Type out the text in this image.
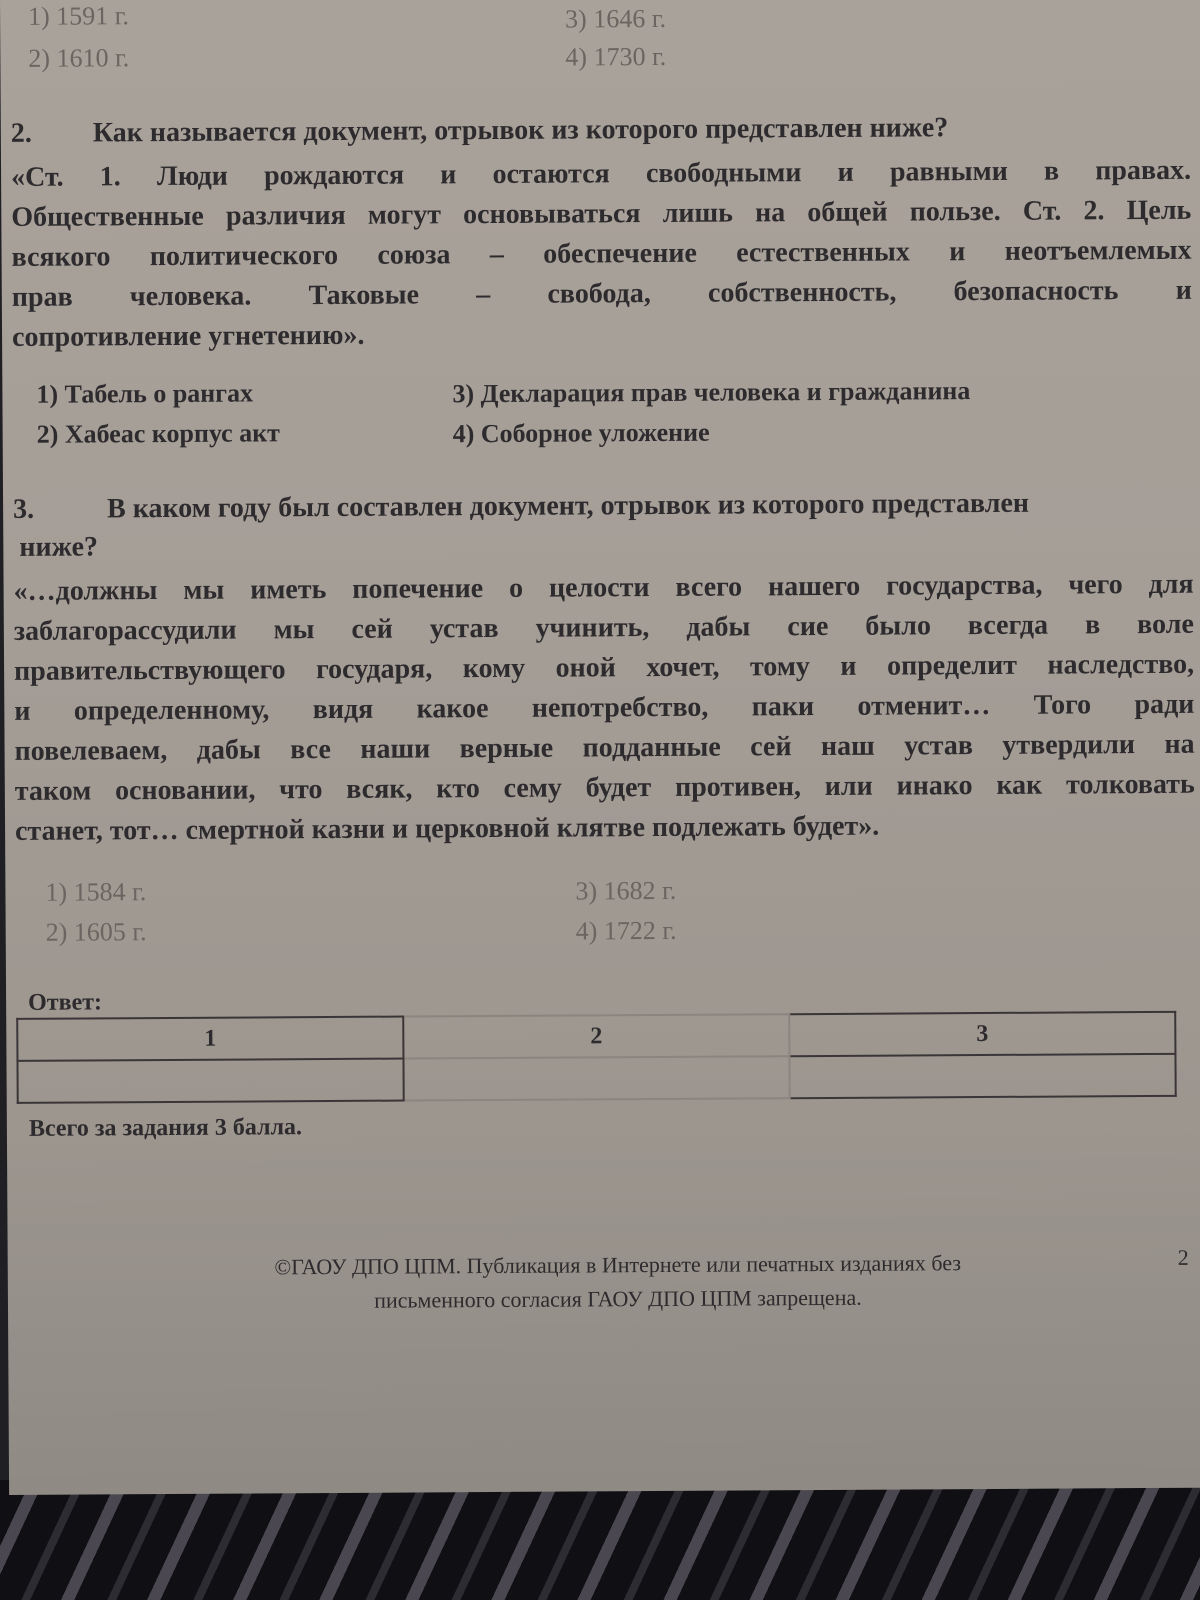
1) 1591 г.	3) 1646 г.
2) 1610 г.	4) 1730 г.
2. Как называется документ, отрывок из которого представлен ниже?
«Ст. 1. Люди рождаются и остаются свободными и равными в правах.
Общественные различия могут основываться лишь на общей пользе. Ст. 2. Цель
всякого политического союза – обеспечение естественных и неотъемлемых
прав человека. Таковые – свобода, собственность, безопасность и
сопротивление угнетению».
1) Табель о рангах	3) Декларация прав человека и гражданина
2) Хабеас корпус акт	4) Соборное уложение
3.	В каком году был составлен документ, отрывок из которого представлен
ниже?
«…должны мы иметь попечение о целости всего нашего государства, чего для
заблагорассудили мы сей устав учинить, дабы сие было всегда в воле
правительствующего государя, кому оной хочет, тому и определит наследство,
и определенному, видя какое непотребство, паки отменит… Того ради
повелеваем, дабы все наши верные подданные сей наш устав утвердили на
таком основании, что всяк, кто сему будет противен, или инако как толковать
станет, тот… смертной казни и церковной клятве подлежать будет».
1) 1584 г.	3) 1682 г.
2) 1605 г.	4) 1722 г.
Ответ:
1	2	3

Всего за задания 3 балла.
©ГАОУ ДПО ЦПМ. Публикация в Интернете или печатных изданиях без
письменного согласия ГАОУ ДПО ЦПМ запрещена.
2
